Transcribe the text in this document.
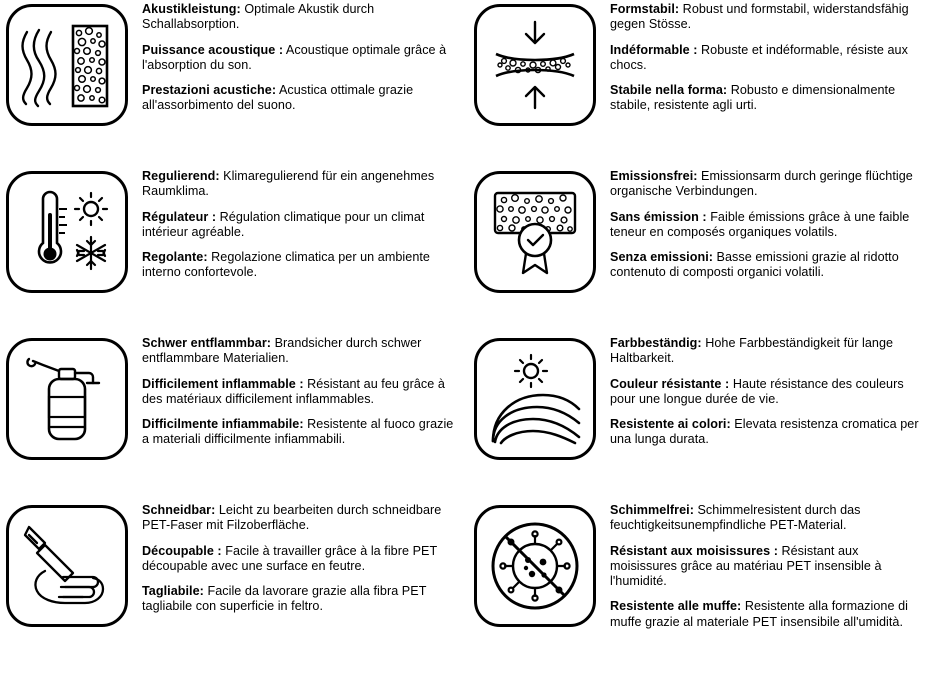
Akustikleistung: Optimale Akustik durch Schallabsorption.
Puissance acoustique : Acoustique optimale grâce à l'absorption du son.
Prestazioni acustiche: Acustica ottimale grazie all'assorbimento del suono.
Formstabil: Robust und formstabil, widerstandsfähig gegen Stösse.
Indéformable : Robuste et indéformable, résiste aux chocs.
Stabile nella forma: Robusto e dimensionalmente stabile, resistente agli urti.
Regulierend: Klimaregulierend für ein angenehmes Raumklima.
Régulateur : Régulation climatique pour un climat intérieur agréable.
Regolante: Regolazione climatica per un ambiente interno confortevole.
Emissionsfrei: Emissionsarm durch geringe flüchtige organische Verbindungen.
Sans émission : Faible émissions grâce à une faible teneur en composés organiques volatils.
Senza emissioni: Basse emissioni grazie al ridotto contenuto di composti organici volatili.
Schwer entflammbar: Brandsicher durch schwer entflammbare Materialien.
Difficilement inflammable : Résistant au feu grâce à des matériaux difficilement inflammables.
Difficilmente infiammabile: Resistente al fuoco grazie a materiali difficilmente infiammabili.
Farbbeständig: Hohe Farbbeständigkeit für lange Haltbarkeit.
Couleur résistante : Haute résistance des couleurs pour une longue durée de vie.
Resistente ai colori: Elevata resistenza cromatica per una lunga durata.
Schneidbar: Leicht zu bearbeiten durch schneidbare PET-Faser mit Filzoberfläche.
Découpable : Facile à travailler grâce à la fibre PET découpable avec une surface en feutre.
Tagliabile: Facile da lavorare grazie alla fibra PET tagliabile con superficie in feltro.
Schimmelfrei: Schimmelresistent durch das feuchtigkeitsunempfindliche PET-Material.
Résistant aux moisissures : Résistant aux moisissures grâce au matériau PET insensible à l'humidité.
Resistente alle muffe: Resistente alla formazione di muffe grazie al materiale PET insensibile all'umidità.
